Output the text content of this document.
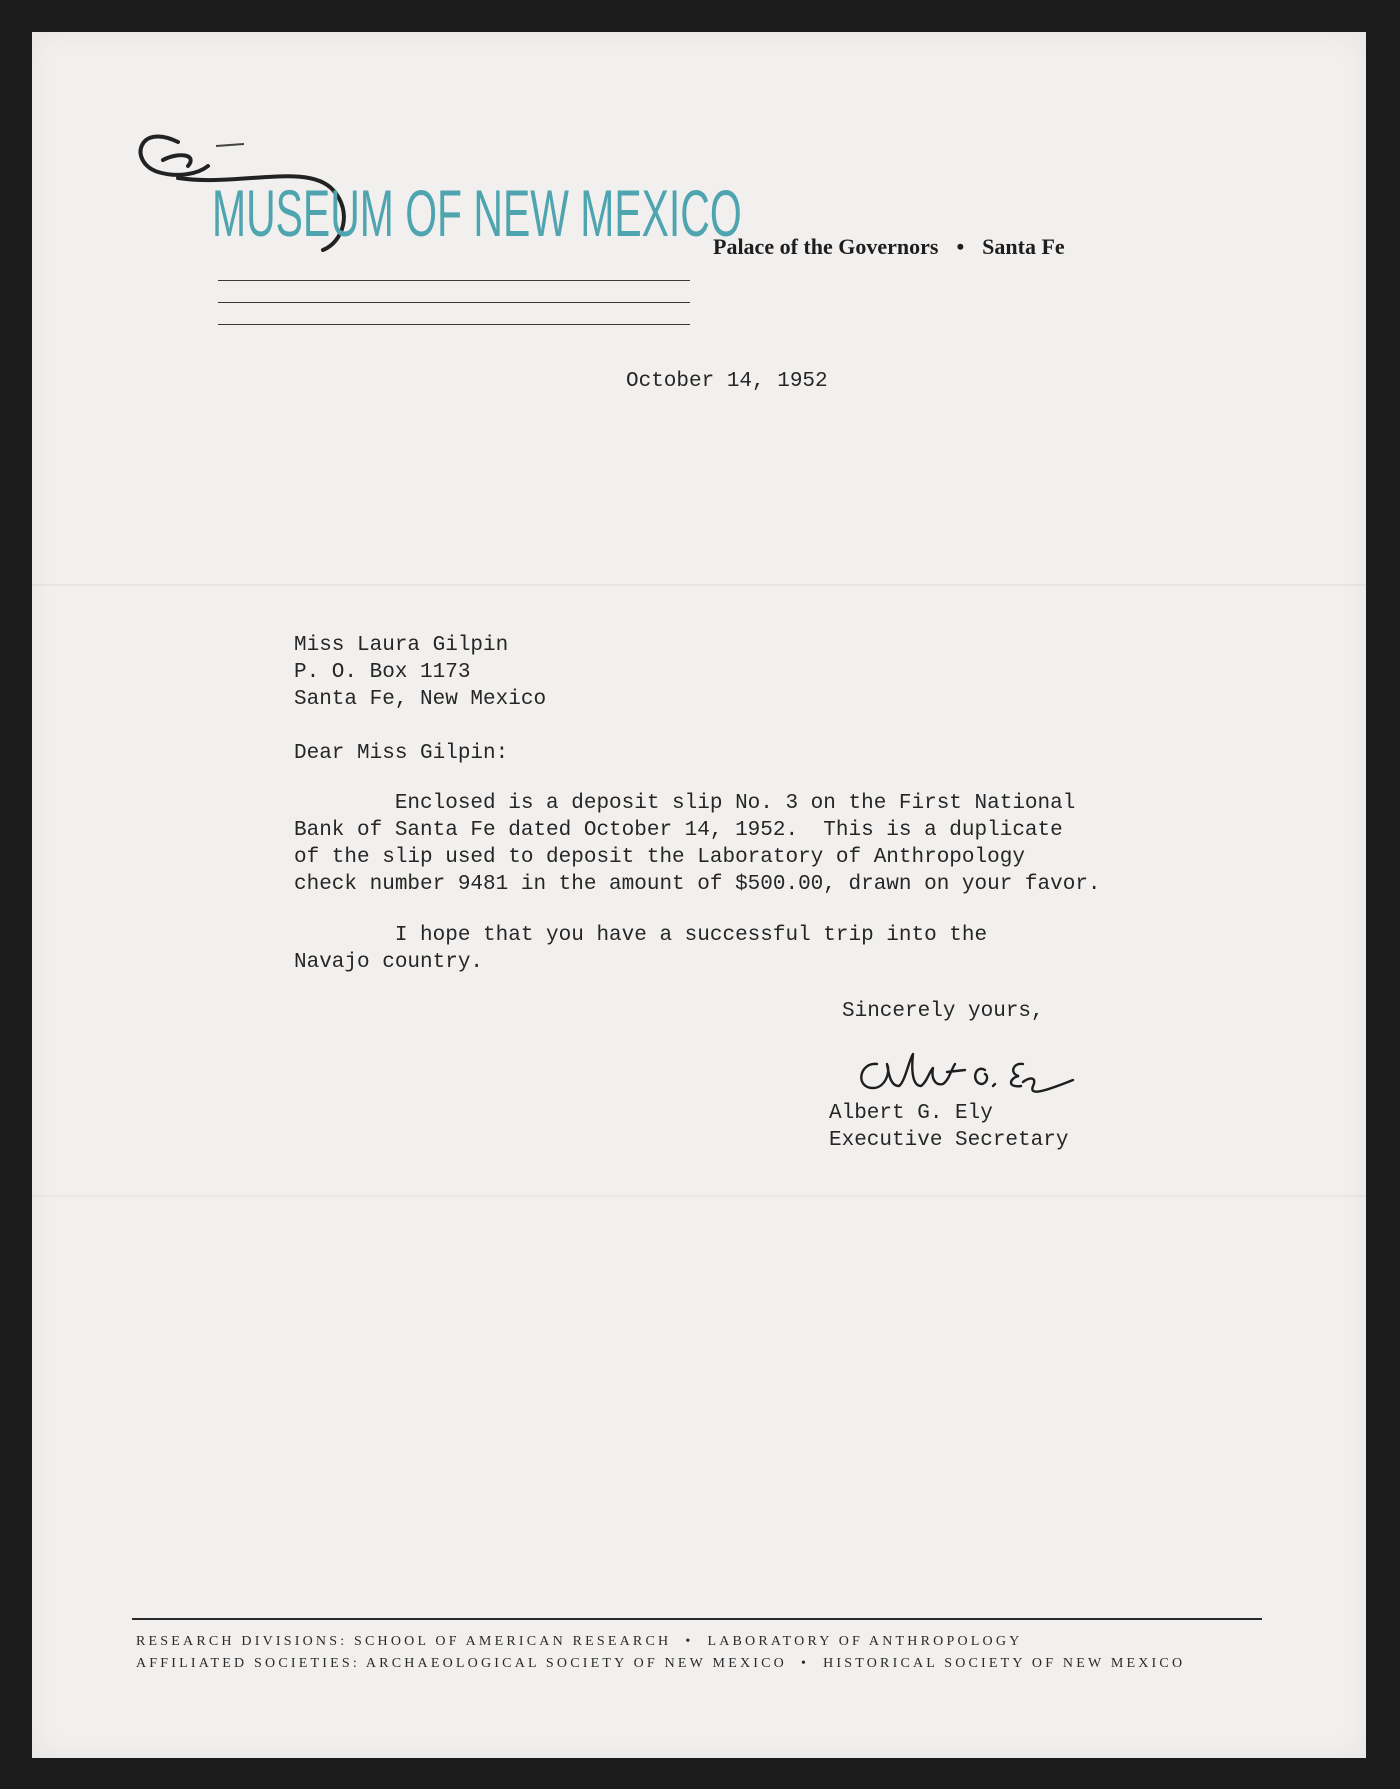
MUSEUM OF NEW MEXICO
Palace of the Governors • Santa Fe
October 14, 1952
Miss Laura Gilpin
P. O. Box 1173
Santa Fe, New Mexico
Dear Miss Gilpin:
Enclosed is a deposit slip No. 3 on the First National
Bank of Santa Fe dated October 14, 1952.  This is a duplicate
of the slip used to deposit the Laboratory of Anthropology
check number 9481 in the amount of $500.00, drawn on your favor.
I hope that you have a successful trip into the
Navajo country.
Sincerely yours,
Albert G. Ely
Executive Secretary
RESEARCH DIVISIONS: SCHOOL OF AMERICAN RESEARCH • LABORATORY OF ANTHROPOLOGY
AFFILIATED SOCIETIES: ARCHAEOLOGICAL SOCIETY OF NEW MEXICO • HISTORICAL SOCIETY OF NEW MEXICO
